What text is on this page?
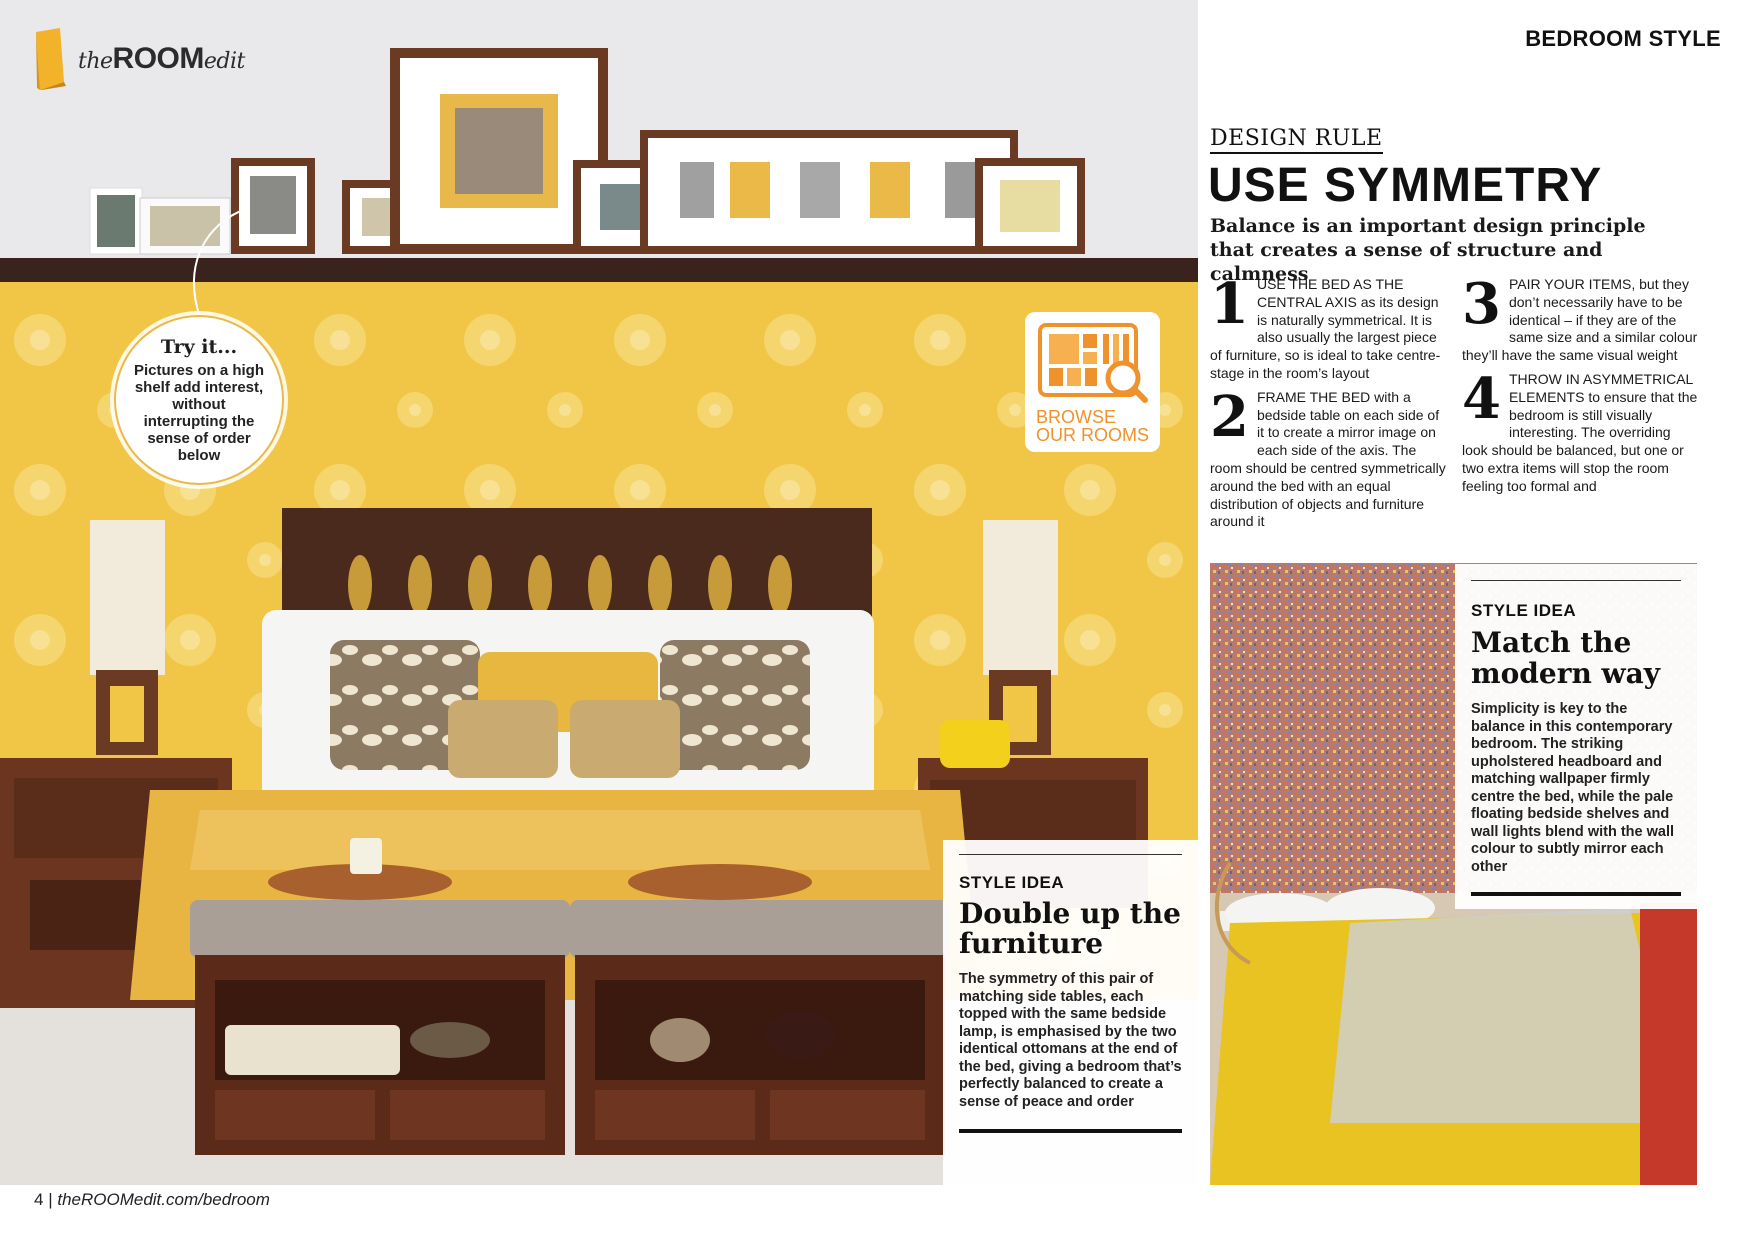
theROOMedit
Try it...
Pictures on a high shelf add interest, without interrupting the sense of order below
BROWSE
OUR ROOMS
STYLE IDEA
Double up the furniture
The symmetry of this pair of matching side tables, each topped with the same bedside lamp, is emphasised by the two identical ottomans at the end of the bed, giving a bedroom that’s perfectly balanced to create a sense of peace and order
BEDROOM STYLE
DESIGN RULE
USE SYMMETRY
Balance is an important design principle that creates a sense of structure and calmness
1 USE THE BED AS THE CENTRAL AXIS as its design is naturally symmetrical. It is also usually the largest piece of furniture, so is ideal to take centre-stage in the room’s layout
2 FRAME THE BED with a bedside table on each side of it to create a mirror image on each side of the axis. The room should be centred symmetrically around the bed with an equal distribution of objects and furniture around it
3 PAIR YOUR ITEMS, but they don’t necessarily have to be identical – if they are of the same size and a similar colour they’ll have the same visual weight
4 THROW IN ASYMMETRICAL ELEMENTS to ensure that the bedroom is still visually interesting. The overriding look should be balanced, but one or two extra items will stop the room feeling too formal and
STYLE IDEA
Match the modern way
Simplicity is key to the balance in this contemporary bedroom. The striking upholstered headboard and matching wallpaper firmly centre the bed, while the pale floating bedside shelves and wall lights blend with the wall colour to subtly mirror each other
4 | theROOMedit.com/bedroom
